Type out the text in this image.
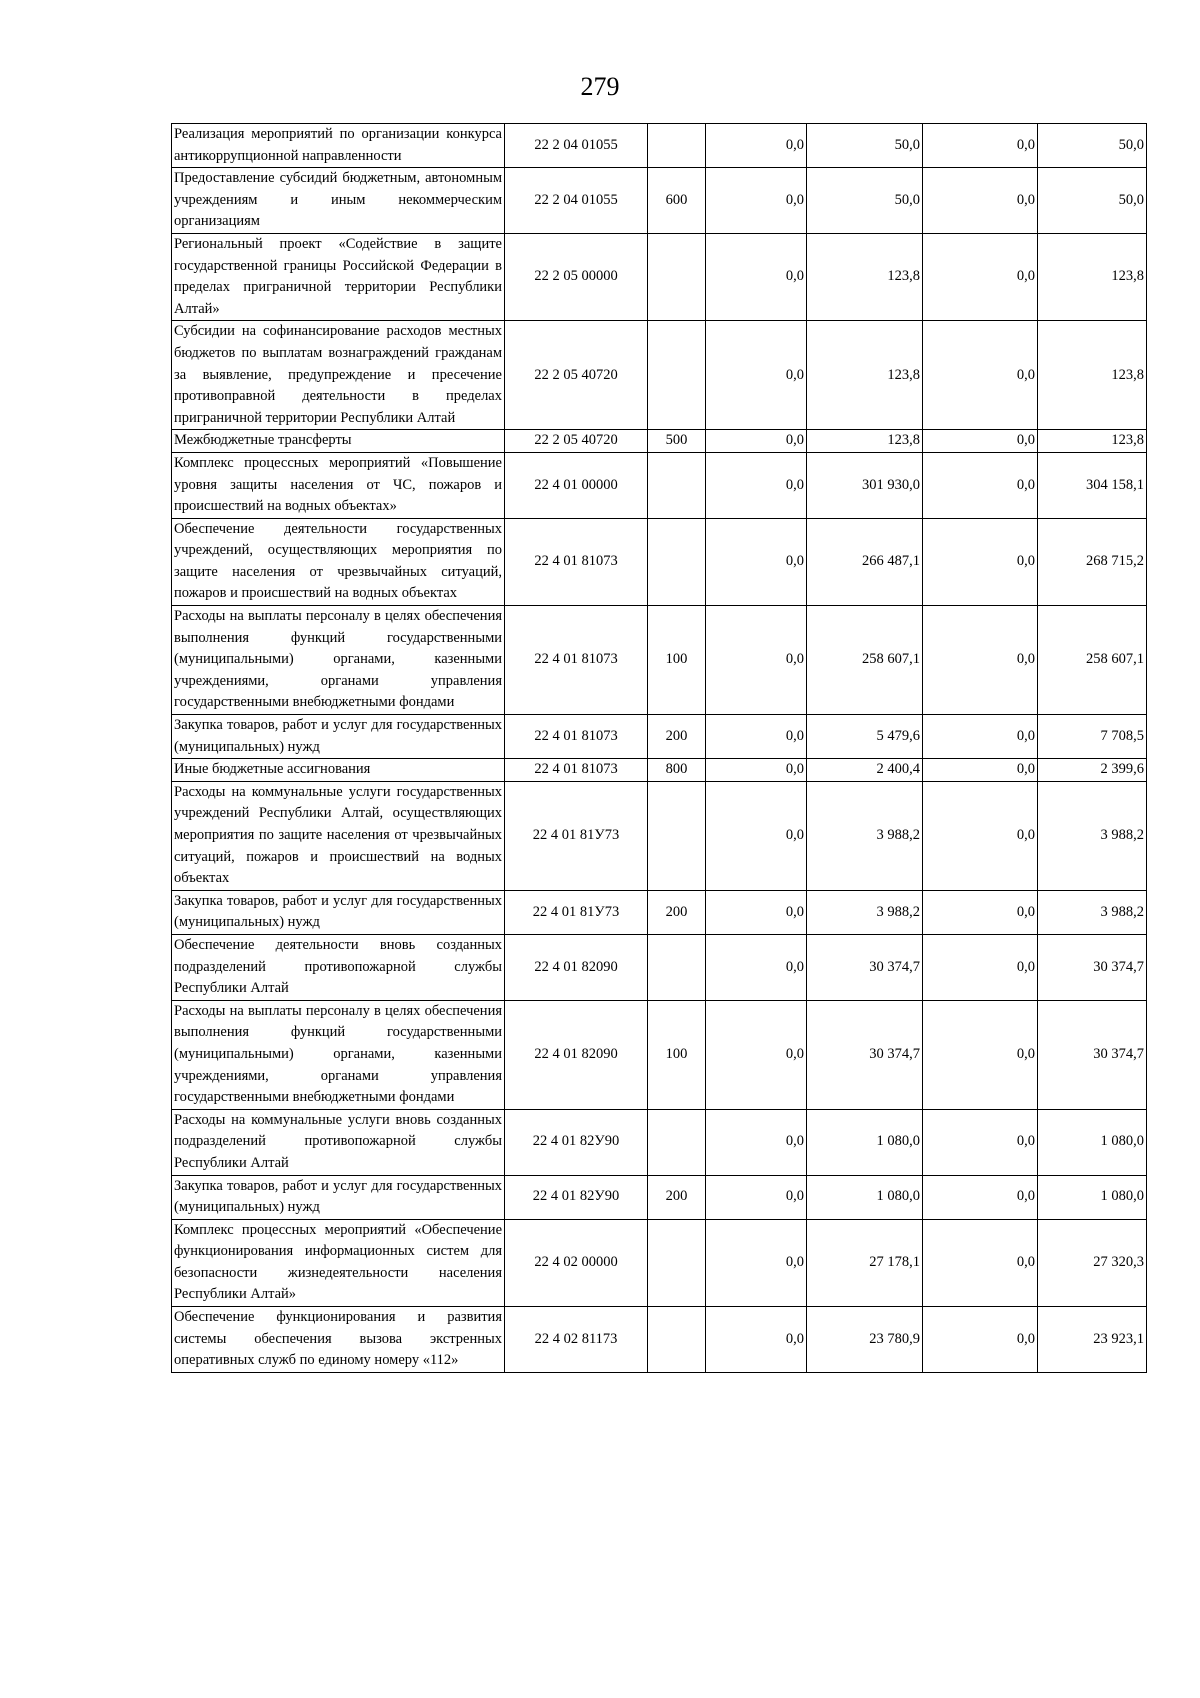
279
Реализация мероприятий по организации конкурса антикоррупционной направленности	22 2 04 01055		0,0	50,0	0,0	50,0
Предоставление субсидий бюджетным, автономным учреждениям и иным некоммерческим организациям	22 2 04 01055	600	0,0	50,0	0,0	50,0
Региональный проект «Содействие в защите государственной границы Российской Федерации в пределах приграничной территории Республики Алтай»	22 2 05 00000		0,0	123,8	0,0	123,8
Субсидии на софинансирование расходов местных бюджетов по выплатам вознаграждений гражданам за выявление, предупреждение и пресечение противоправной деятельности в пределах приграничной территории Республики Алтай	22 2 05 40720		0,0	123,8	0,0	123,8
Межбюджетные трансферты	22 2 05 40720	500	0,0	123,8	0,0	123,8
Комплекс процессных мероприятий «Повышение уровня защиты населения от ЧС, пожаров и происшествий на водных объектах»	22 4 01 00000		0,0	301 930,0	0,0	304 158,1
Обеспечение деятельности государственных учреждений, осуществляющих мероприятия по защите населения от чрезвычайных ситуаций, пожаров и происшествий на водных объектах	22 4 01 81073		0,0	266 487,1	0,0	268 715,2
Расходы на выплаты персоналу в целях обеспечения выполнения функций государственными (муниципальными) органами, казенными учреждениями, органами управления государственными внебюджетными фондами	22 4 01 81073	100	0,0	258 607,1	0,0	258 607,1
Закупка товаров, работ и услуг для государственных (муниципальных) нужд	22 4 01 81073	200	0,0	5 479,6	0,0	7 708,5
Иные бюджетные ассигнования	22 4 01 81073	800	0,0	2 400,4	0,0	2 399,6
Расходы на коммунальные услуги государственных учреждений Республики Алтай, осуществляющих мероприятия по защите населения от чрезвычайных ситуаций, пожаров и происшествий на водных объектах	22 4 01 81У73		0,0	3 988,2	0,0	3 988,2
Закупка товаров, работ и услуг для государственных (муниципальных) нужд	22 4 01 81У73	200	0,0	3 988,2	0,0	3 988,2
Обеспечение деятельности вновь созданных подразделений противопожарной службы Республики Алтай	22 4 01 82090		0,0	30 374,7	0,0	30 374,7
Расходы на выплаты персоналу в целях обеспечения выполнения функций государственными (муниципальными) органами, казенными учреждениями, органами управления государственными внебюджетными фондами	22 4 01 82090	100	0,0	30 374,7	0,0	30 374,7
Расходы на коммунальные услуги вновь созданных подразделений противопожарной службы Республики Алтай	22 4 01 82У90		0,0	1 080,0	0,0	1 080,0
Закупка товаров, работ и услуг для государственных (муниципальных) нужд	22 4 01 82У90	200	0,0	1 080,0	0,0	1 080,0
Комплекс процессных мероприятий «Обеспечение функционирования информационных систем для безопасности жизнедеятельности населения Республики Алтай»	22 4 02 00000		0,0	27 178,1	0,0	27 320,3
Обеспечение функционирования и развития системы обеспечения вызова экстренных оперативных служб по единому номеру «112»	22 4 02 81173		0,0	23 780,9	0,0	23 923,1
